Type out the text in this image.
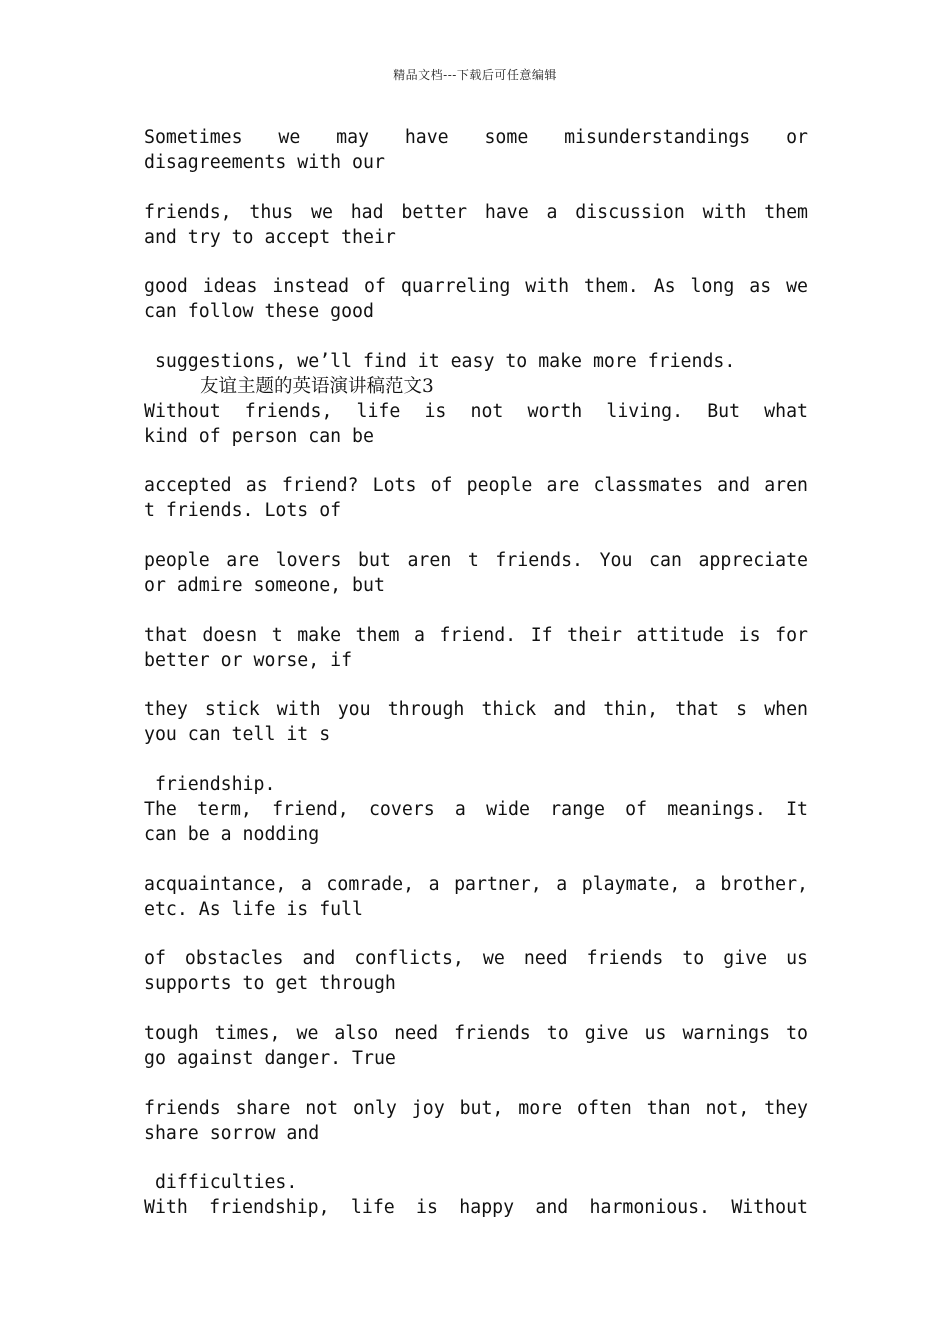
精品文档---下载后可任意编辑
Sometimes we may have some misunderstandings or
disagreements with our
friends, thus we had better have a discussion with them
and try to accept their
good ideas instead of quarreling with them. As long as we
can follow these good
suggestions, we’ll find it easy to make more friends.
友谊主题的英语演讲稿范文3
Without friends, life is not worth living. But what
kind of person can be
accepted as friend? Lots of people are classmates and aren
t friends. Lots of
people are lovers but aren t friends. You can appreciate
or admire someone, but
that doesn t make them a friend. If their attitude is for
better or worse, if
they stick with you through thick and thin, that s when
you can tell it s
friendship.
The term, friend, covers a wide range of meanings. It
can be a nodding
acquaintance, a comrade, a partner, a playmate, a brother,
etc. As life is full
of obstacles and conflicts, we need friends to give us
supports to get through
tough times, we also need friends to give us warnings to
go against danger. True
friends share not only joy but, more often than not, they
share sorrow and
difficulties.
With friendship, life is happy and harmonious. Without
